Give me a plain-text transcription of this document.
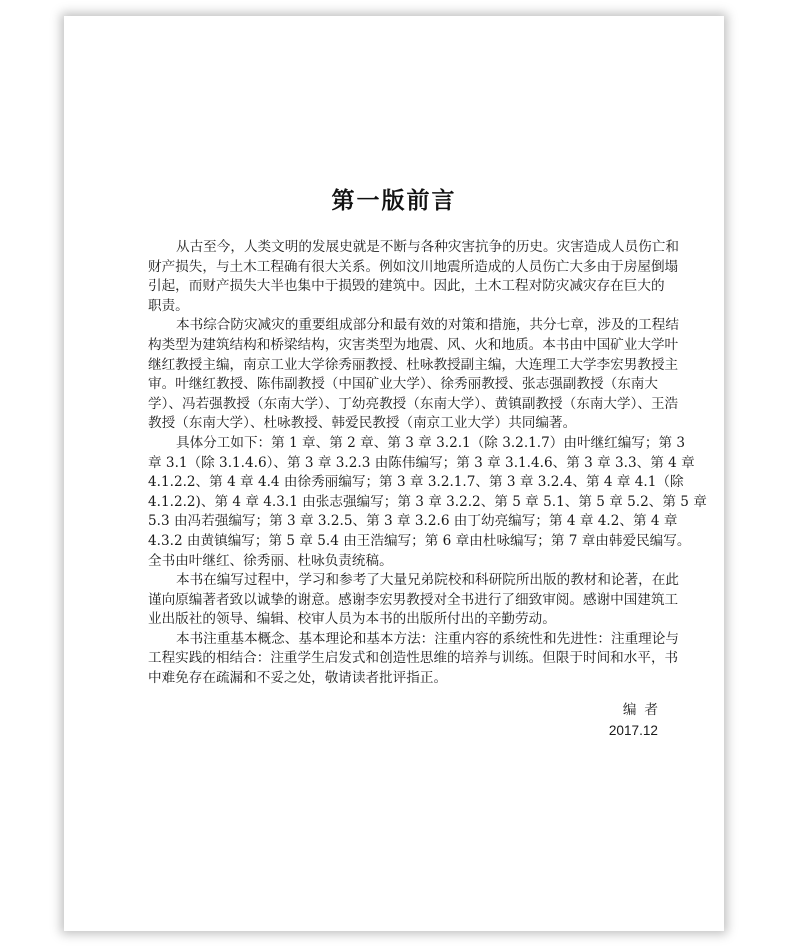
第一版前言
从古至今，人类文明的发展史就是不断与各种灾害抗争的历史。灾害造成人员伤亡和
财产损失，与土木工程确有很大关系。例如汶川地震所造成的人员伤亡大多由于房屋倒塌
引起，而财产损失大半也集中于损毁的建筑中。因此，土木工程对防灾减灾存在巨大的
职责。
本书综合防灾减灾的重要组成部分和最有效的对策和措施，共分七章，涉及的工程结
构类型为建筑结构和桥梁结构，灾害类型为地震、风、火和地质。本书由中国矿业大学叶
继红教授主编，南京工业大学徐秀丽教授、杜咏教授副主编，大连理工大学李宏男教授主
审。叶继红教授、陈伟副教授（中国矿业大学）、徐秀丽教授、张志强副教授（东南大
学）、冯若强教授（东南大学）、丁幼亮教授（东南大学）、黄镇副教授（东南大学）、王浩
教授（东南大学）、杜咏教授、韩爱民教授（南京工业大学）共同编著。
具体分工如下：第 1 章、第 2 章、第 3 章 3.2.1（除 3.2.1.7）由叶继红编写；第 3
章 3.1（除 3.1.4.6）、第 3 章 3.2.3 由陈伟编写；第 3 章 3.1.4.6、第 3 章 3.3、第 4 章
4.1.2.2、第 4 章 4.4 由徐秀丽编写；第 3 章 3.2.1.7、第 3 章 3.2.4、第 4 章 4.1（除
4.1.2.2)、第 4 章 4.3.1 由张志强编写；第 3 章 3.2.2、第 5 章 5.1、第 5 章 5.2、第 5 章
5.3 由冯若强编写；第 3 章 3.2.5、第 3 章 3.2.6 由丁幼亮编写；第 4 章 4.2、第 4 章
4.3.2 由黄镇编写；第 5 章 5.4 由王浩编写；第 6 章由杜咏编写；第 7 章由韩爱民编写。
全书由叶继红、徐秀丽、杜咏负责统稿。
本书在编写过程中，学习和参考了大量兄弟院校和科研院所出版的教材和论著，在此
谨向原编著者致以诚挚的谢意。感谢李宏男教授对全书进行了细致审阅。感谢中国建筑工
业出版社的领导、编辑、校审人员为本书的出版所付出的辛勤劳动。
本书注重基本概念、基本理论和基本方法：注重内容的系统性和先进性：注重理论与
工程实践的相结合：注重学生启发式和创造性思维的培养与训练。但限于时间和水平，书
中难免存在疏漏和不妥之处，敬请读者批评指正。
编者
2017.12
